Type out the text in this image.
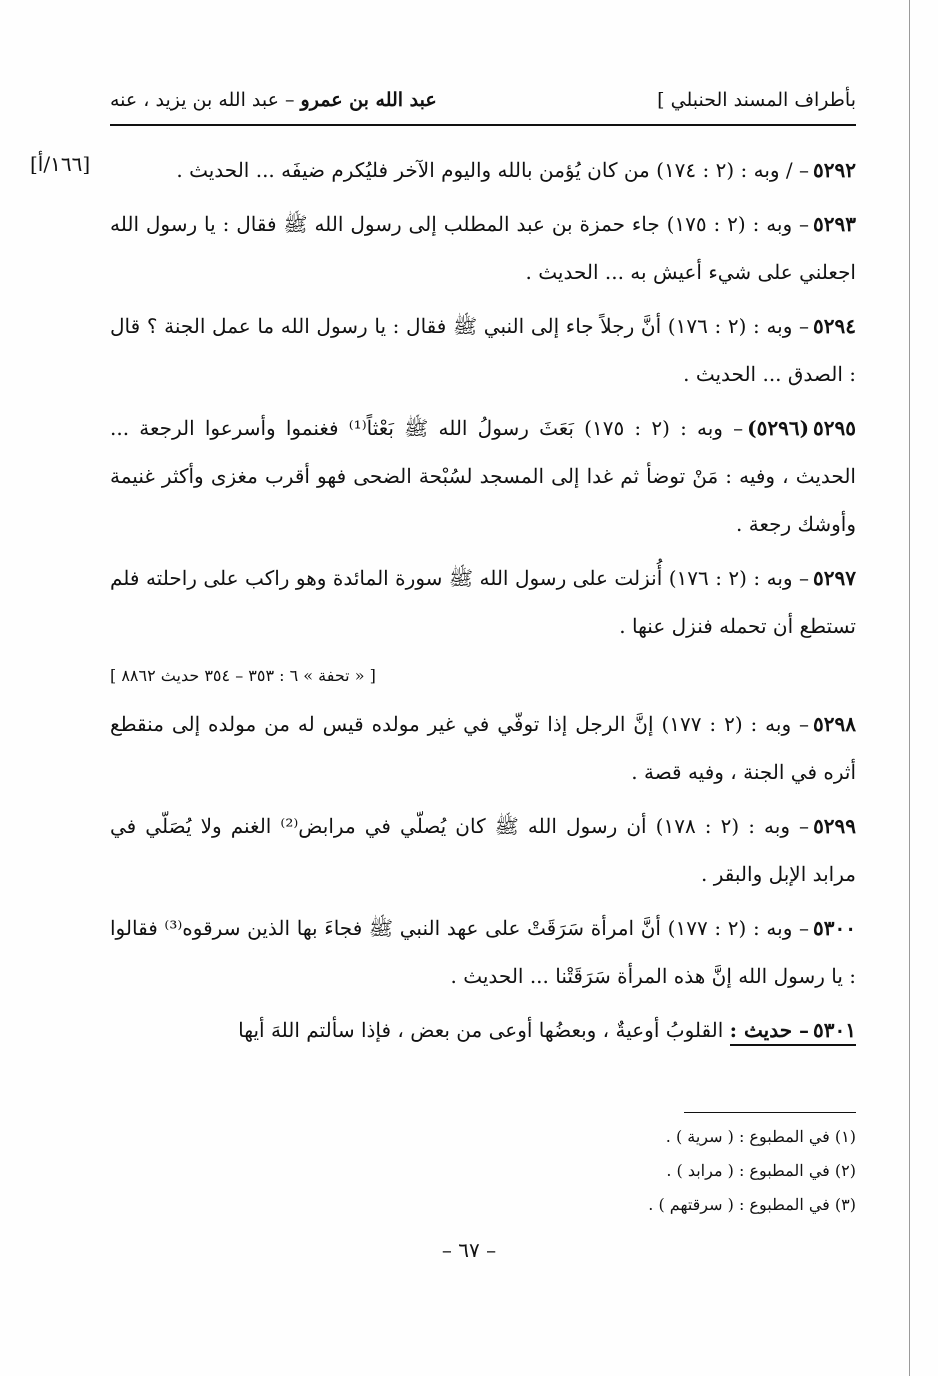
بأطراف المسند الحنبلي ]
عبد الله بن عمرو – عبد الله بن يزيد ، عنه
[١٦٦/أ]	٥٢٩٢– / وبه : (٢ : ١٧٤) من كان يُؤمن بالله واليوم الآخر فليُكرم ضيفَه ... الحديث .

٥٢٩٣– وبه : (٢ : ١٧٥) جاء حمزة بن عبد المطلب إلى رسول الله ﷺ فقال : يا رسول الله اجعلني على شيء أعيش به ... الحديث .

٥٢٩٤– وبه : (٢ : ١٧٦) أنَّ رجلاً جاء إلى النبي ﷺ فقال : يا رسول الله ما عمل الجنة ؟ قال : الصدق ... الحديث .

٥٢٩٥(٥٢٩٦)– وبه : (٢ : ١٧٥) بَعَثَ رسولُ الله ﷺ بَعْثاً⁽¹⁾ فغنموا وأسرعوا الرجعة ... الحديث ، وفيه : مَنْ توضأ ثم غدا إلى المسجد لسُبْحة الضحى فهو أقرب مغزى وأكثر غنيمة وأوشك رجعة .

٥٢٩٧– وبه : (٢ : ١٧٦) أُنزلت على رسول الله ﷺ سورة المائدة وهو راكب على راحلته فلم تستطع أن تحمله فنزل عنها .

[ « تحفة » ٦ : ٣٥٣ – ٣٥٤ حديث ٨٨٦٢ ]

٥٢٩٨– وبه : (٢ : ١٧٧) إنَّ الرجل إذا توفّي في غير مولده قيس له من مولده إلى منقطع أثره في الجنة ، وفيه قصة .

٥٢٩٩– وبه : (٢ : ١٧٨) أن رسول الله ﷺ كان يُصلّي في مرابض⁽²⁾ الغنم ولا يُصَلّي في مرابد الإبل والبقر .

٥٣٠٠– وبه : (٢ : ١٧٧) أنَّ امرأة سَرَقَتْ على عهد النبي ﷺ فجاءَ بها الذين سرقوه⁽³⁾ فقالوا : يا رسول الله إنَّ هذه المرأة سَرَقَتْنا ... الحديث .

٥٣٠١– حديث : القلوبُ أوعيةٌ ، وبعضُها أوعى من بعض ، فإذا سألتم اللهَ أيها

(١) في المطبوع : ( سرية ) .
(٢) في المطبوع : ( مرابد ) .
(٣) في المطبوع : ( سرقتهم ) .
– ٦٧ –
